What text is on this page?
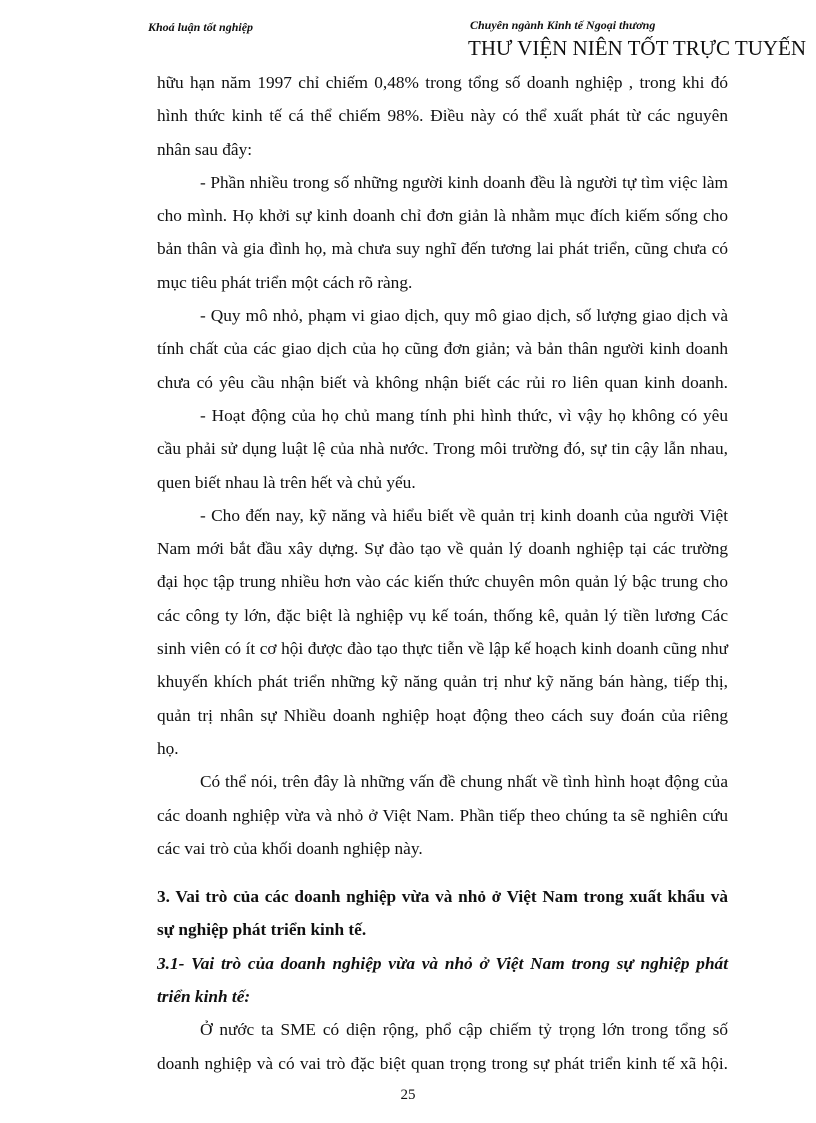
Khoá luận tốt nghiệp	Chuyên ngành Kinh tế Ngoại thương
THƯ VIỆN NIÊN TỐT TRỰC TUYẾN
hữu hạn năm 1997 chỉ chiếm 0,48% trong tổng số doanh nghiệp , trong khi đó
hình thức kinh tế cá thể chiếm 98%. Điều này có thể xuất phát từ các nguyên
nhân sau đây:
- Phần nhiều trong số những người kinh doanh đều là người tự tìm việc làm
cho mình. Họ khởi sự kinh doanh chỉ đơn giản là nhằm mục đích kiếm sống cho
bản thân và gia đình họ, mà chưa suy nghĩ đến tương lai phát triển, cũng chưa có
mục tiêu phát triển một cách rõ ràng.
- Quy mô nhỏ, phạm vi giao dịch, quy mô giao dịch, số lượng giao dịch và
tính chất của các giao dịch của họ cũng đơn giản; và bản thân người kinh doanh
chưa có yêu cầu nhận biết và không nhận biết các rủi ro liên quan kinh doanh.
- Hoạt động của họ chủ mang tính phi hình thức, vì vậy họ không có yêu
cầu phải sử dụng luật lệ của nhà nước. Trong môi trường đó, sự tin cậy lẫn nhau,
quen biết nhau là trên hết và chủ yếu.
- Cho đến nay, kỹ năng và hiểu biết về quản trị kinh doanh của người Việt
Nam mới bắt đầu xây dựng. Sự đào tạo về quản lý doanh nghiệp tại các trường
đại học tập trung nhiều hơn vào các kiến thức chuyên môn quản lý bậc trung cho
các công ty lớn, đặc biệt là nghiệp vụ kế toán, thống kê, quản lý tiền lương Các
sinh viên có ít cơ hội được đào tạo thực tiễn về lập kế hoạch kinh doanh cũng như
khuyến khích phát triển những kỹ năng quản trị như kỹ năng bán hàng, tiếp thị,
quản trị nhân sự Nhiều doanh nghiệp hoạt động theo cách suy đoán của riêng
họ.
Có thể nói, trên đây là những vấn đề chung nhất về tình hình hoạt động của
các doanh nghiệp vừa và nhỏ ở Việt Nam. Phần tiếp theo chúng ta sẽ nghiên cứu
các vai trò của khối doanh nghiệp này.
3. Vai trò của các doanh nghiệp vừa và nhỏ ở Việt Nam trong xuất khẩu và
sự nghiệp phát triển kinh tế.
3.1- Vai trò của doanh nghiệp vừa và nhỏ ở Việt Nam trong sự nghiệp phát
triển kinh tế:
Ở nước ta SME có diện rộng, phổ cập chiếm tỷ trọng lớn trong tổng số
doanh nghiệp và có vai trò đặc biệt quan trọng trong sự phát triển kinh tế xã hội.
25
